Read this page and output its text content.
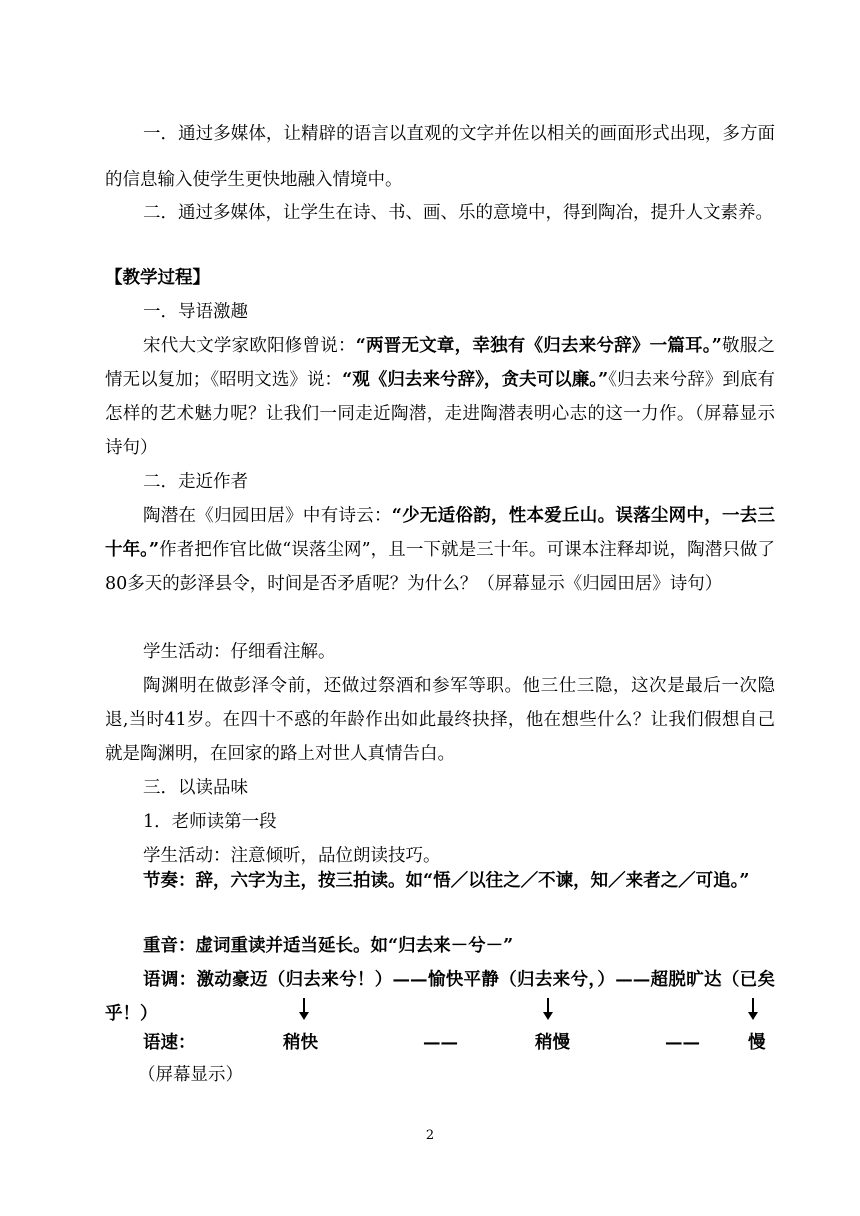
一．通过多媒体，让精辟的语言以直观的文字并佐以相关的画面形式出现，多方面的信息输入使学生更快地融入情境中。

二．通过多媒体，让学生在诗、书、画、乐的意境中，得到陶冶，提升人文素养。

【教学过程】

一．导语激趣

宋代大文学家欧阳修曾说：“两晋无文章，幸独有《归去来兮辞》一篇耳。”敬服之情无以复加；《昭明文选》说：“观《归去来兮辞》，贪夫可以廉。”《归去来兮辞》到底有怎样的艺术魅力呢？让我们一同走近陶潜，走进陶潜表明心志的这一力作。（屏幕显示诗句）

二．走近作者

陶潜在《归园田居》中有诗云：“少无适俗韵，性本爱丘山。误落尘网中，一去三十年。”作者把作官比做“误落尘网”，且一下就是三十年。可课本注释却说，陶潜只做了80多天的彭泽县令，时间是否矛盾呢？为什么？（屏幕显示《归园田居》诗句）

学生活动：仔细看注解。

陶渊明在做彭泽令前，还做过祭酒和参军等职。他三仕三隐，这次是最后一次隐退,当时41岁。在四十不惑的年龄作出如此最终抉择，他在想些什么？让我们假想自己就是陶渊明，在回家的路上对世人真情告白。

三．以读品味

1．老师读第一段

学生活动：注意倾听，品位朗读技巧。

节奏：辞，六字为主，按三拍读。如“悟／以往之／不谏，知／来者之／可追。”

重音：虚词重读并适当延长。如“归去来－兮－”

语调：激动豪迈（归去来兮！）——愉快平静（归去来兮，）——超脱旷达（已矣乎！）

语速：	稍快	——	稍慢	——	慢

（屏幕显示）

2
